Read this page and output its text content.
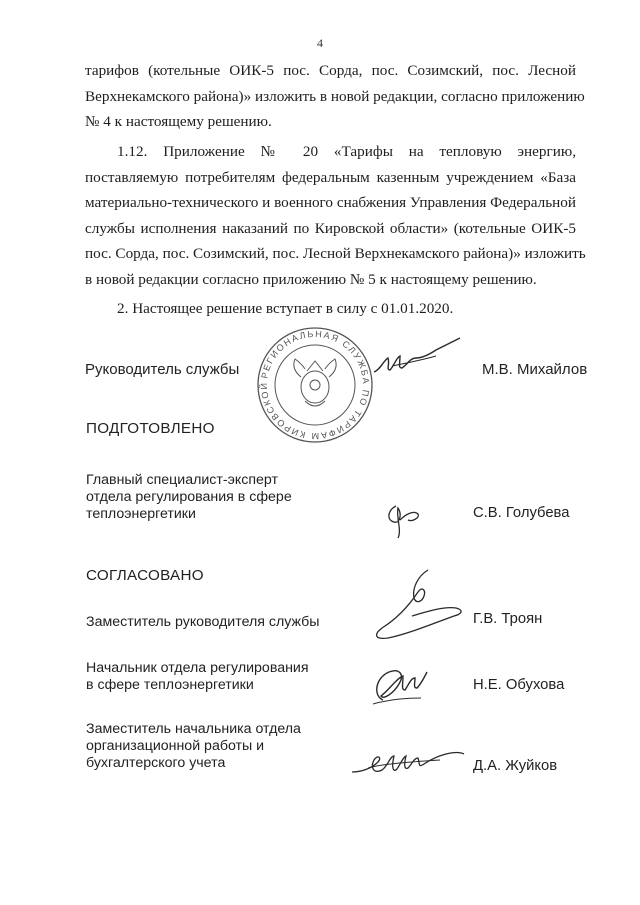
4

тарифов (котельные ОИК-5 пос. Сорда, пос. Созимский, пос. Лесной
Верхнекамского района)» изложить в новой редакции, согласно приложению
№ 4 к настоящему решению.

1.12. Приложение № 20 «Тарифы на тепловую энергию,
поставляемую потребителям федеральным казенным учреждением «База
материально-технического и военного снабжения Управления Федеральной
службы исполнения наказаний по Кировской области» (котельные ОИК-5
пос. Сорда, пос. Созимский, пос. Лесной Верхнекамского района)» изложить
в новой редакции согласно приложению № 5 к настоящему решению.

2. Настоящее решение вступает в силу с 01.01.2020.

Руководитель службы	М.В. Михайлов
РЕГИОНАЛЬНАЯ СЛУЖБА ПО ТАРИФАМ КИРОВСКОЙ ОБЛАСТИ
ПОДГОТОВЛЕНО
Главный специалист-эксперт
отдела регулирования в сфере
теплоэнергетики	С.В. Голубева
СОГЛАСОВАНО
Заместитель руководителя службы	Г.В. Троян
Начальник отдела регулирования
в сфере теплоэнергетики	Н.Е. Обухова
Заместитель начальника отдела
организационной работы и
бухгалтерского учета	Д.А. Жуйков
